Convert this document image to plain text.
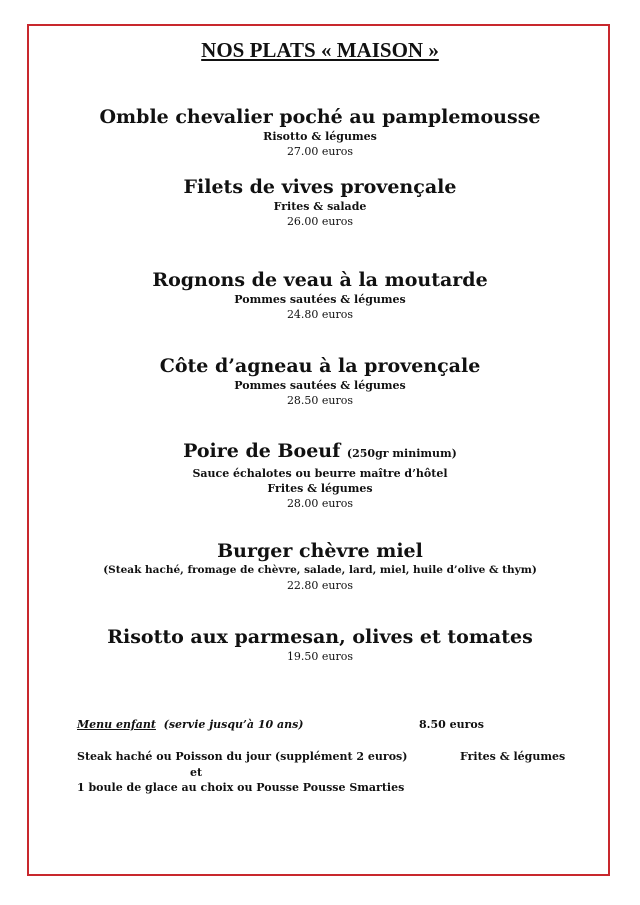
NOS PLATS « MAISON »
Omble chevalier poché au pamplemousse
Risotto & légumes
27.00 euros
Filets de vives provençale
Frites & salade
26.00 euros
Rognons de veau à la moutarde
Pommes sautées & légumes
24.80 euros
Côte d’agneau à la provençale
Pommes sautées & légumes
28.50 euros
Poire de Boeuf (250gr minimum)
Sauce échalotes ou beurre maître d’hôtel
Frites & légumes
28.00 euros
Burger chèvre miel
(Steak haché, fromage de chèvre, salade, lard, miel, huile d’olive & thym)
22.80 euros
Risotto aux parmesan, olives et tomates
19.50 euros
Menu enfant (servie jusqu’à 10 ans)	8.50 euros
Steak haché ou Poisson du jour (supplément 2 euros)	Frites & légumes
et
1 boule de glace au choix ou Pousse Pousse Smarties
